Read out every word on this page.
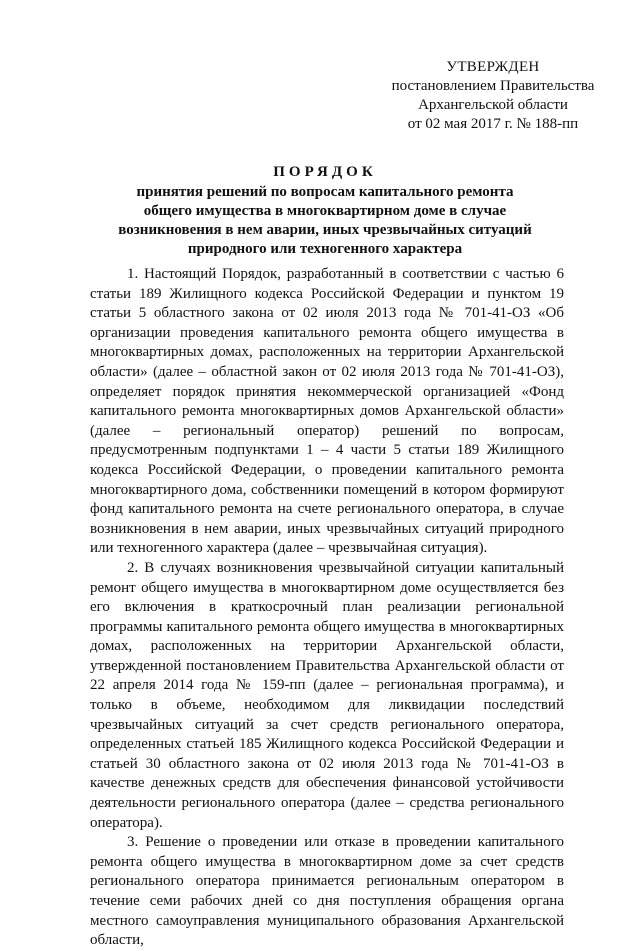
УТВЕРЖДЕН
постановлением Правительства
Архангельской области
от 02 мая 2017 г. № 188-пп
ПОРЯДОК
принятия решений по вопросам капитального ремонта
общего имущества в многоквартирном доме в случае
возникновения в нем аварии, иных чрезвычайных ситуаций
природного или техногенного характера

1. Настоящий Порядок, разработанный в соответствии с частью 6 статьи 189 Жилищного кодекса Российской Федерации и пунктом 19 статьи 5 областного закона от 02 июля 2013 года № 701-41-ОЗ «Об организации проведения капитального ремонта общего имущества в многоквартирных домах, расположенных на территории Архангельской области» (далее – областной закон от 02 июля 2013 года № 701-41-ОЗ), определяет порядок принятия некоммерческой организацией «Фонд капитального ремонта многоквартирных домов Архангельской области» (далее – региональный оператор) решений по вопросам, предусмотренным подпунктами 1 – 4 части 5 статьи 189 Жилищного кодекса Российской Федерации, о проведении капитального ремонта многоквартирного дома, собственники помещений в котором формируют фонд капитального ремонта на счете регионального оператора, в случае возникновения в нем аварии, иных чрезвычайных ситуаций природного или техногенного характера (далее – чрезвычайная ситуация).

2. В случаях возникновения чрезвычайной ситуации капитальный ремонт общего имущества в многоквартирном доме осуществляется без его включения в краткосрочный план реализации региональной программы капитального ремонта общего имущества в многоквартирных домах, расположенных на территории Архангельской области, утвержденной постановлением Правительства Архангельской области от 22 апреля 2014 года № 159-пп (далее – региональная программа), и только в объеме, необходимом для ликвидации последствий чрезвычайных ситуаций за счет средств регионального оператора, определенных статьей 185 Жилищного кодекса Российской Федерации и статьей 30 областного закона от 02 июля 2013 года № 701-41-ОЗ в качестве денежных средств для обеспечения финансовой устойчивости деятельности регионального оператора (далее – средства регионального оператора).

3. Решение о проведении или отказе в проведении капитального ремонта общего имущества в многоквартирном доме за счет средств регионального оператора принимается региональным оператором в течение семи рабочих дней со дня поступления обращения органа местного самоуправления муниципального образования Архангельской области,
